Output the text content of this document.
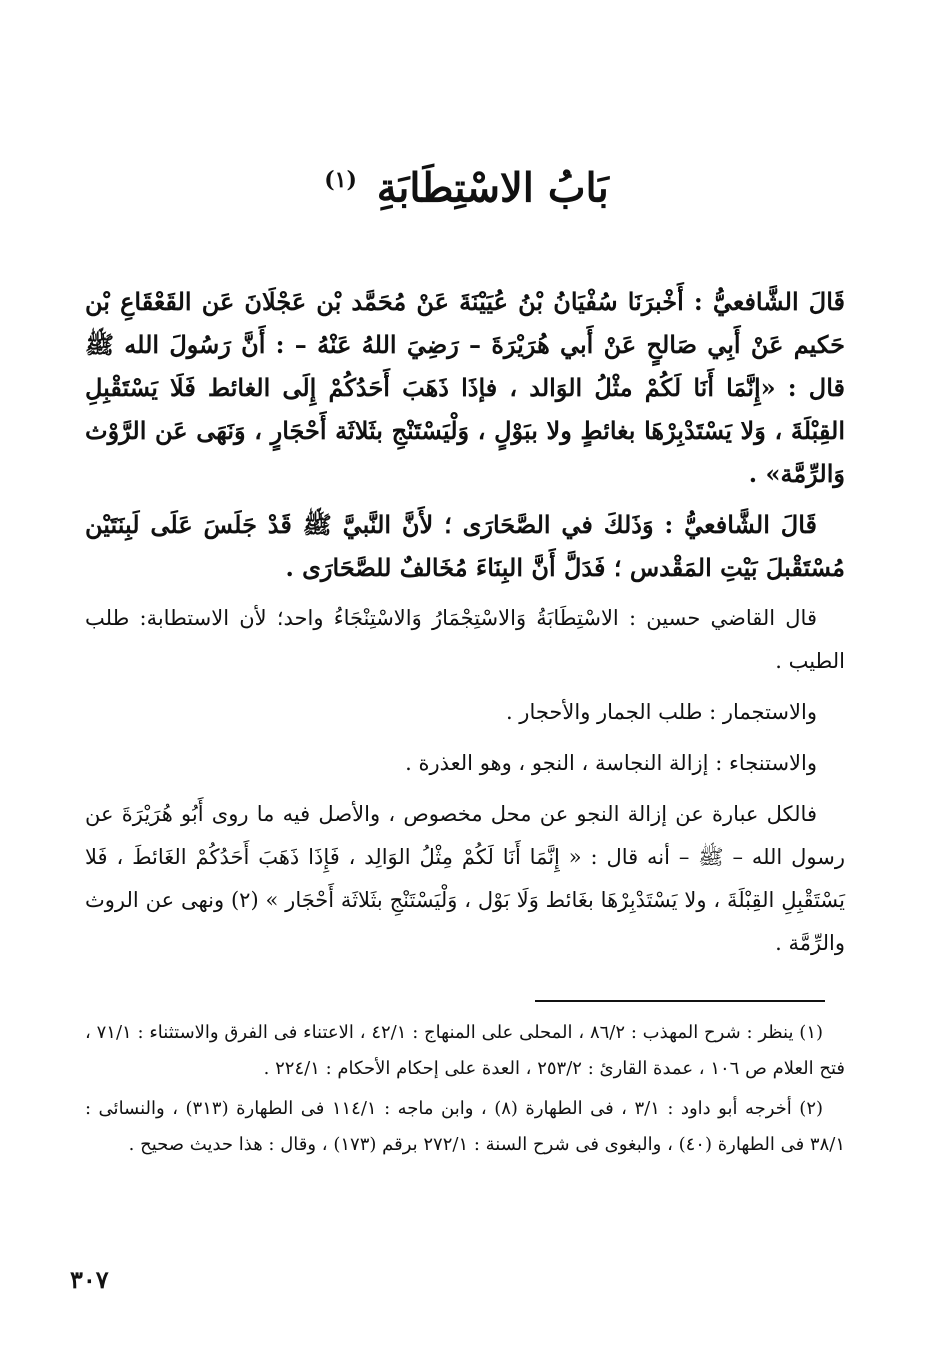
بَابُ الاسْتِطَابَةِ $^{(١)}$

قَالَ الشَّافعيُّ : أَخْبرَنَا سُفْيَانُ بْنُ عُيَيْنَةَ عَنْ مُحَمَّد بْن عَجْلَانَ عَن القَعْقَاعِ بْن حَكيم عَنْ أَبِي صَالحٍ عَنْ أَبي هُرَيْرَةَ – رَضِيَ اللهُ عَنْهُ – : أَنَّ رَسُولَ الله ﷺ قال : «إِنَّمَا أَنَا لَكُمْ مثْلُ الوَالد ، فإذَا ذَهَبَ أَحَدُكُمْ إِلَى الغائط فَلَا يَسْتَقْبِلِ القِبْلَةَ ، وَلا يَسْتَدْبِرْهَا بغائطٍ ولا ببَوْلٍ ، وَلْيَسْتَنْجِ بثَلاثَة أَحْجَارٍ ، وَنَهَى عَن الرَّوْث وَالرِّمَّة» .

قَالَ الشَّافعيُّ : وَذَلكَ في الصَّحَارَى ؛ لأَنَّ النَّبيَّ ﷺ قَدْ جَلَسَ عَلَى لَبِنَتَيْن مُسْتَقْبلَ بَيْتِ المَقْدس ؛ فَدَلَّ أَنَّ البِنَاءَ مُخَالفٌ للصَّحَارَى .

قال القاضي حسين : الاسْتِطَابَةُ وَالاسْتِجْمَارُ وَالاسْتِنْجَاءُ واحد؛ لأن الاستطابة: طلب الطيب .

والاستجمار : طلب الجمار والأحجار .

والاستنجاء : إزالة النجاسة ، النجو ، وهو العذرة .

فالكل عبارة عن إزالة النجو عن محل مخصوص ، والأصل فيه ما روى أَبُو هُرَيْرَةَ عن رسول الله – ﷺ – أنه قال : « إِنَّمَا أَنَا لَكُمْ مِثْلُ الوَالِد ، فَإِذَا ذَهَبَ أَحَدُكُمْ الغَائطَ ، فَلا يَسْتَقْبِلِ القِبْلَةَ ، ولا يَسْتَدْبِرْهَا بغَائط وَلَا بَوْل ، وَلْيَسْتَنْجِ بثَلاثَة أَحْجَار » (٢) ونهى عن الروث والرِّمَّة .

(١) ينظر : شرح المهذب : ٨٦/٢ ، المحلى على المنهاج : ٤٢/١ ، الاعتناء فى الفرق والاستثناء : ٧١/١ ، فتح العلام ص ١٠٦ ، عمدة القارئ : ٢٥٣/٢ ، العدة على إحكام الأحكام : ٢٢٤/١ .

(٢) أخرجه أبو داود : ٣/١ ، فى الطهارة (٨) ، وابن ماجه : ١١٤/١ فى الطهارة (٣١٣) ، والنسائى : ٣٨/١ فى الطهارة (٤٠) ، والبغوى فى شرح السنة : ٢٧٢/١ برقم (١٧٣) ، وقال : هذا حديث صحيح .

٣٠٧
